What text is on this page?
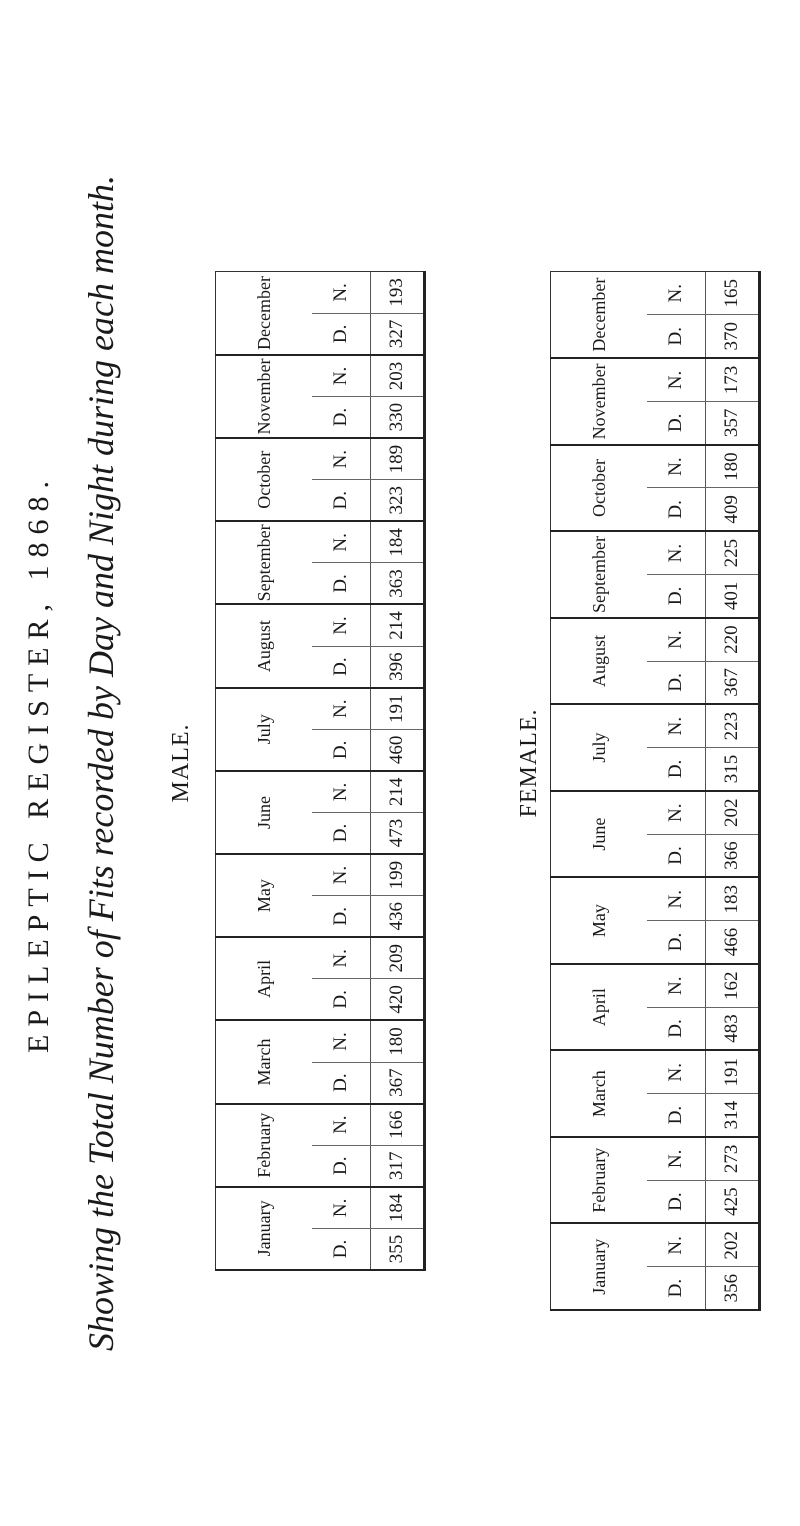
EPILEPTIC REGISTER, 1868. Showing the Total Number of Fits recorded by Day and Night during each month. MALE.
January		February		March		April		May		June		July		August		September		October		November		December	
D.	N.	D.	N.	D.	N.	D.	N.	D.	N.	D.	N.	D.	N.	D.	N.	D.	N.	D.	N.	D.	N.	D.	N.
355	184	317	166	367	180	420	209	436	199	473	214	460	191	396	214	363	184	323	189	330	203	327	193
FEMALE.
January		February		March		April		May		June		July		August		September		October		November		December	
D.	N.	D.	N.	D.	N.	D.	N.	D.	N.	D.	N.	D.	N.	D.	N.	D.	N.	D.	N.	D.	N.	D.	N.
356	202	425	273	314	191	483	162	466	183	366	202	315	223	367	220	401	225	409	180	357	173	370	165
